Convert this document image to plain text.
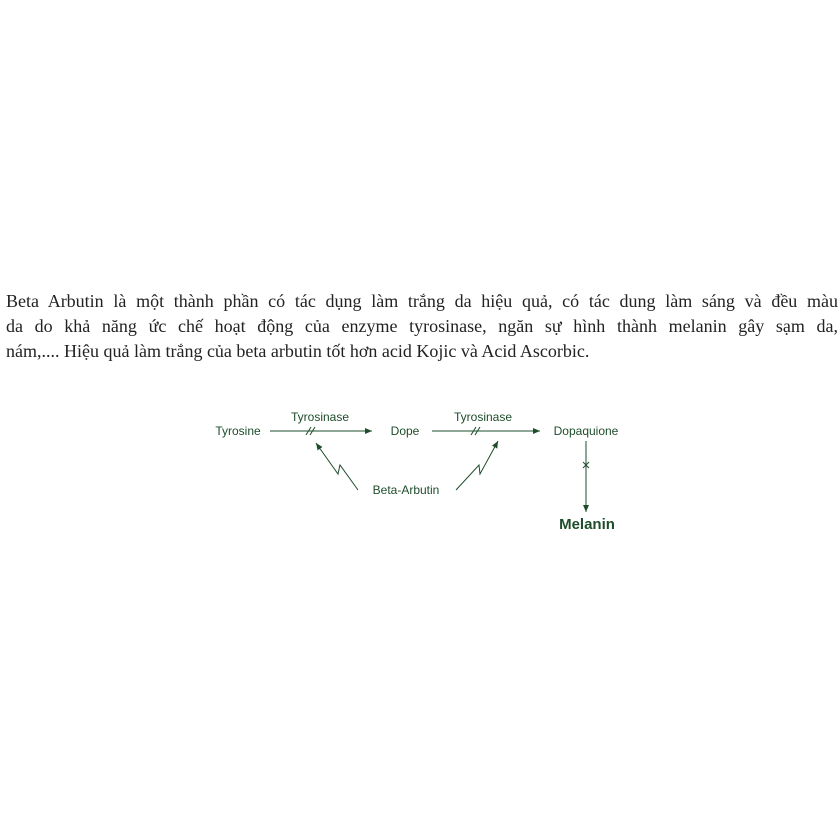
Beta Arbutin là một thành phần có tác dụng làm trắng da hiệu quả, có tác dung làm sáng và đều màu
da do khả năng ức chế hoạt động của enzyme tyrosinase, ngăn sự hình thành melanin gây sạm da,
nám,.... Hiệu quả làm trắng của beta arbutin tốt hơn acid Kojic và Acid Ascorbic.
Tyrosine
Tyrosinase
Dope
Tyrosinase
Dopaquione
Beta-Arbutin
Melanin
